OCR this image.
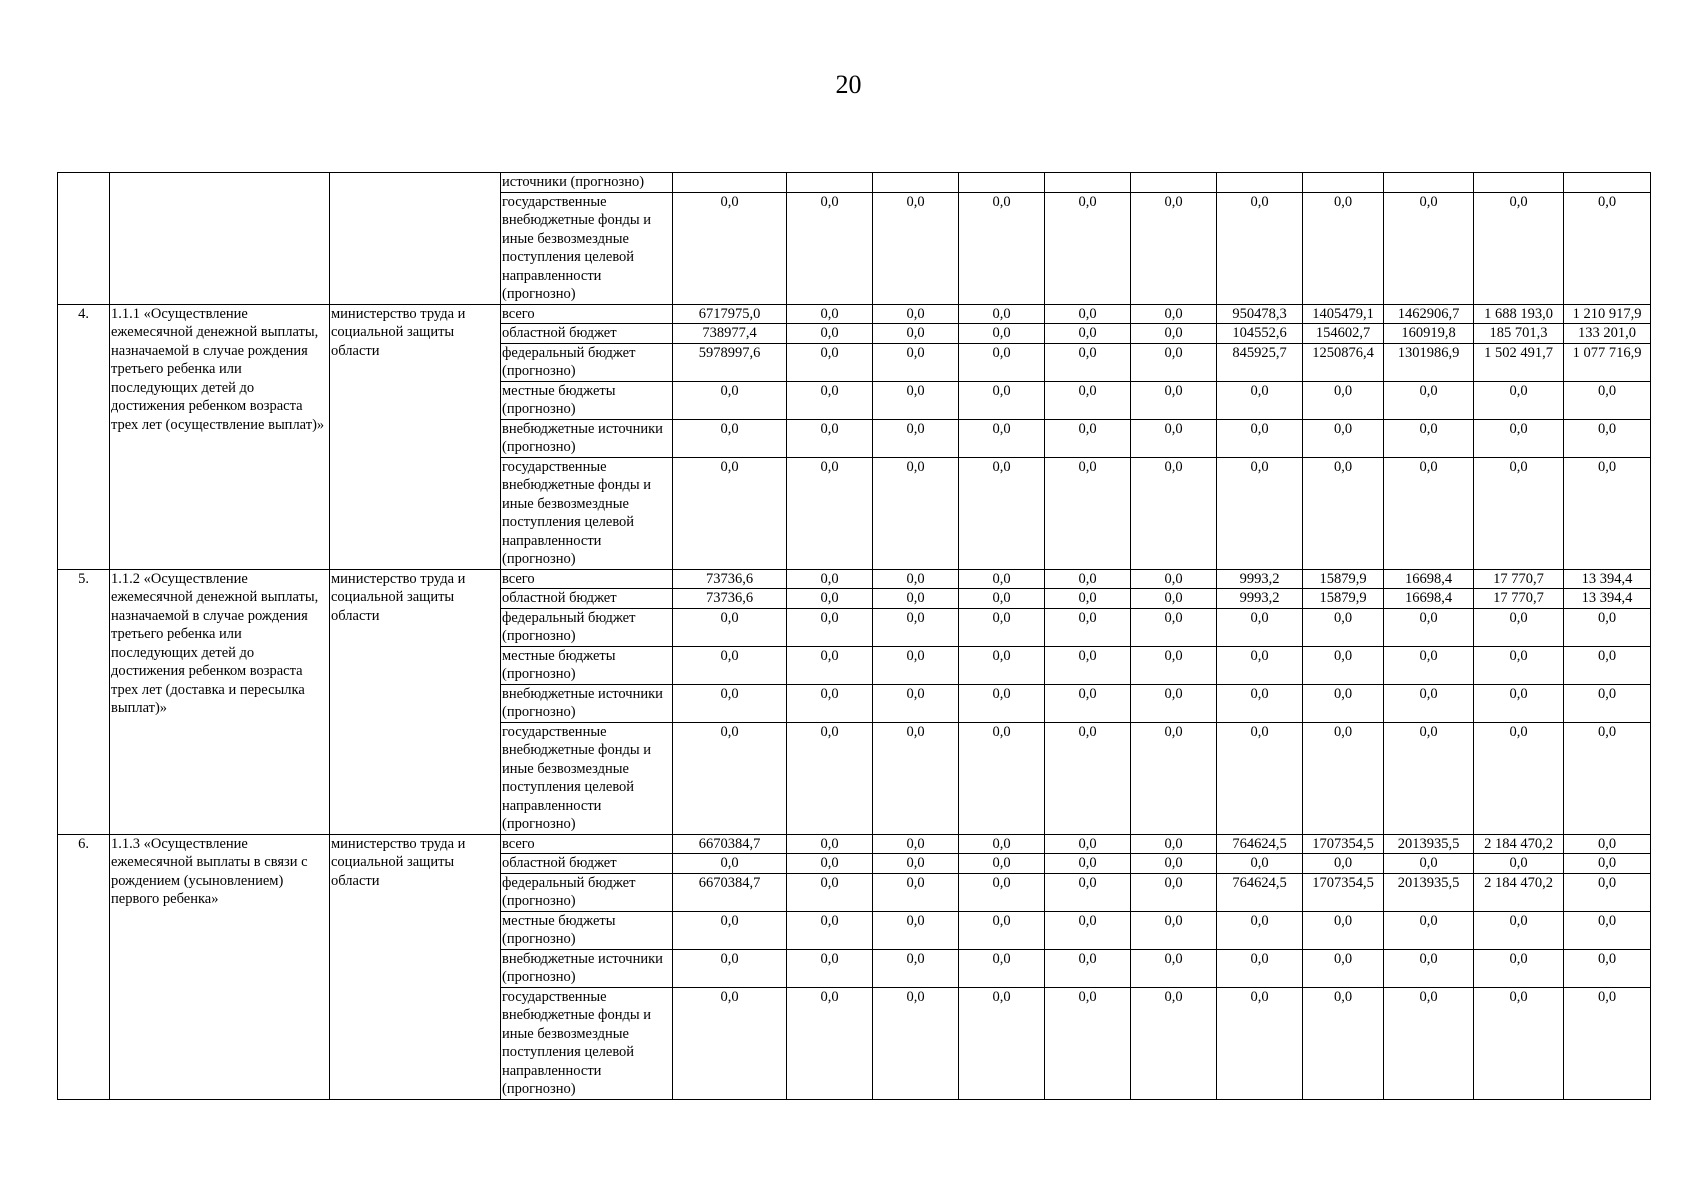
20
			источники (прогнозно)											
			государственные внебюджетные фонды и иные безвозмездные поступления целевой направленности (прогнозно)	0,0	0,0	0,0	0,0	0,0	0,0	0,0	0,0	0,0	0,0	0,0
4.	1.1.1 «Осуществление ежемесячной денежной выплаты, назначаемой в случае рождения третьего ребенка или последующих детей до достижения ребенком возраста трех лет (осуществление выплат)»	министерство труда и социальной защиты области	всего	6717975,0	0,0	0,0	0,0	0,0	0,0	950478,3	1405479,1	1462906,7	1 688 193,0	1 210 917,9
			областной бюджет	738977,4	0,0	0,0	0,0	0,0	0,0	104552,6	154602,7	160919,8	185 701,3	133 201,0
			федеральный бюджет (прогнозно)	5978997,6	0,0	0,0	0,0	0,0	0,0	845925,7	1250876,4	1301986,9	1 502 491,7	1 077 716,9
			местные бюджеты (прогнозно)	0,0	0,0	0,0	0,0	0,0	0,0	0,0	0,0	0,0	0,0	0,0
			внебюджетные источники (прогнозно)	0,0	0,0	0,0	0,0	0,0	0,0	0,0	0,0	0,0	0,0	0,0
			государственные внебюджетные фонды и иные безвозмездные поступления целевой направленности (прогнозно)	0,0	0,0	0,0	0,0	0,0	0,0	0,0	0,0	0,0	0,0	0,0
5.	1.1.2 «Осуществление ежемесячной денежной выплаты, назначаемой в случае рождения третьего ребенка или последующих детей до достижения ребенком возраста трех лет (доставка и пересылка выплат)»	министерство труда и социальной защиты области	всего	73736,6	0,0	0,0	0,0	0,0	0,0	9993,2	15879,9	16698,4	17 770,7	13 394,4
			областной бюджет	73736,6	0,0	0,0	0,0	0,0	0,0	9993,2	15879,9	16698,4	17 770,7	13 394,4
			федеральный бюджет (прогнозно)	0,0	0,0	0,0	0,0	0,0	0,0	0,0	0,0	0,0	0,0	0,0
			местные бюджеты (прогнозно)	0,0	0,0	0,0	0,0	0,0	0,0	0,0	0,0	0,0	0,0	0,0
			внебюджетные источники (прогнозно)	0,0	0,0	0,0	0,0	0,0	0,0	0,0	0,0	0,0	0,0	0,0
			государственные внебюджетные фонды и иные безвозмездные поступления целевой направленности (прогнозно)	0,0	0,0	0,0	0,0	0,0	0,0	0,0	0,0	0,0	0,0	0,0
6.	1.1.3 «Осуществление ежемесячной выплаты в связи с рождением (усыновлением) первого ребенка»	министерство труда и социальной защиты области	всего	6670384,7	0,0	0,0	0,0	0,0	0,0	764624,5	1707354,5	2013935,5	2 184 470,2	0,0
			областной бюджет	0,0	0,0	0,0	0,0	0,0	0,0	0,0	0,0	0,0	0,0	0,0
			федеральный бюджет (прогнозно)	6670384,7	0,0	0,0	0,0	0,0	0,0	764624,5	1707354,5	2013935,5	2 184 470,2	0,0
			местные бюджеты (прогнозно)	0,0	0,0	0,0	0,0	0,0	0,0	0,0	0,0	0,0	0,0	0,0
			внебюджетные источники (прогнозно)	0,0	0,0	0,0	0,0	0,0	0,0	0,0	0,0	0,0	0,0	0,0
			государственные внебюджетные фонды и иные безвозмездные поступления целевой направленности (прогнозно)	0,0	0,0	0,0	0,0	0,0	0,0	0,0	0,0	0,0	0,0	0,0
